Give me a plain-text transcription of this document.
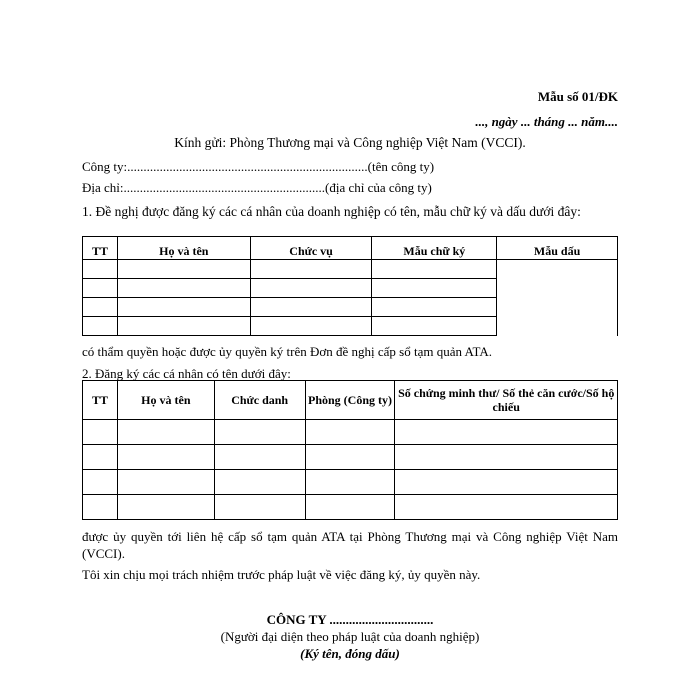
Mẫu số 01/ĐK
..., ngày ... tháng ... năm....
Kính gửi: Phòng Thương mại và Công nghiệp Việt Nam (VCCI).
Công ty:..........................................................................(tên công ty)
Địa chỉ:..............................................................(địa chỉ của công ty)
1. Đề nghị được đăng ký các cá nhân của doanh nghiệp có tên, mẫu chữ ký và dấu dưới đây:
TT	Họ và tên	Chức vụ	Mẫu chữ ký	Mẫu dấu

có thẩm quyền hoặc được ủy quyền ký trên Đơn đề nghị cấp sổ tạm quản ATA.
2. Đăng ký các cá nhân có tên dưới đây:
TT	Họ và tên	Chức danh	Phòng (Công ty)	Số chứng minh thư/ Số thẻ căn cước/Số hộ chiếu

được ủy quyền tới liên hệ cấp sổ tạm quản ATA tại Phòng Thương mại và Công nghiệp Việt Nam (VCCI).
Tôi xin chịu mọi trách nhiệm trước pháp luật về việc đăng ký, ủy quyền này.
CÔNG TY ................................
(Người đại diện theo pháp luật của doanh nghiệp)
(Ký tên, đóng dấu)
